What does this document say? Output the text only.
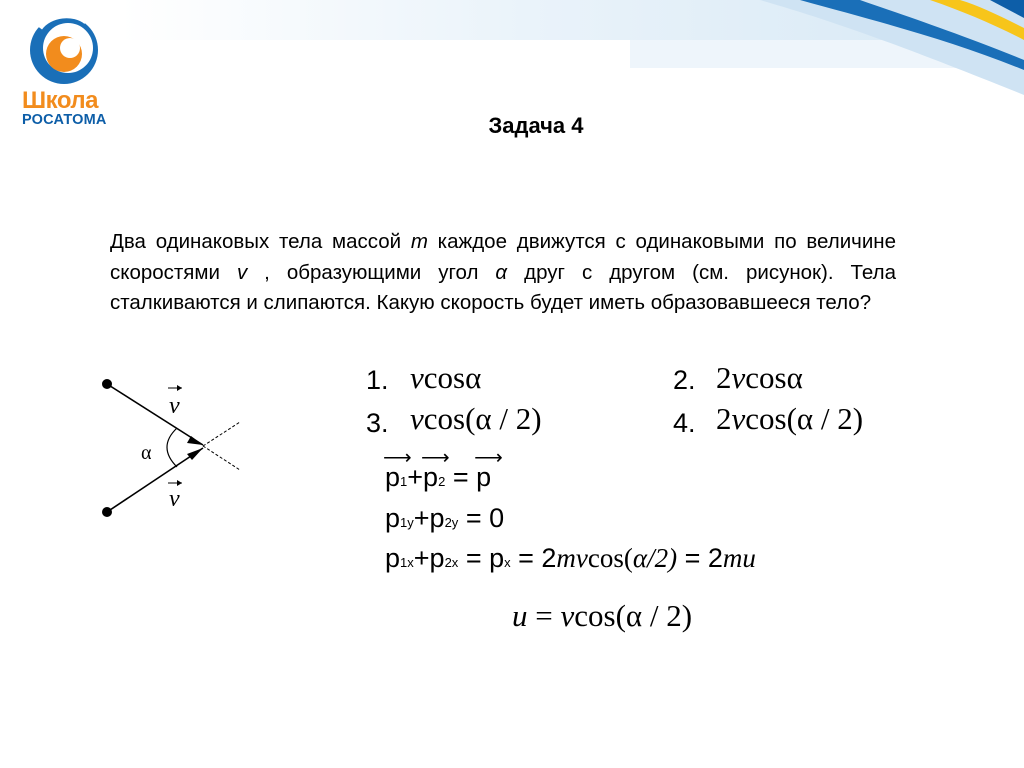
Школа
РОСАТОМА	Задача 4
Два одинаковых тела массой m каждое движутся с одинаковыми по величине скоростями v , образующими угол α друг с другом (см. рисунок). Тела сталкиваются и слипаются. Какую скорость будет иметь образовавшееся тело?
v
v
α
1. vcosα	2. 2vcosα
3. vcos(α / 2)	4. 2vcos(α / 2)
⟶
p1+
⟶
p2 =
⟶
p
p1y+p2y = 0
p1x+p2x = px = 2mvcos(α/2) = 2mu
u = vcos(α / 2)
